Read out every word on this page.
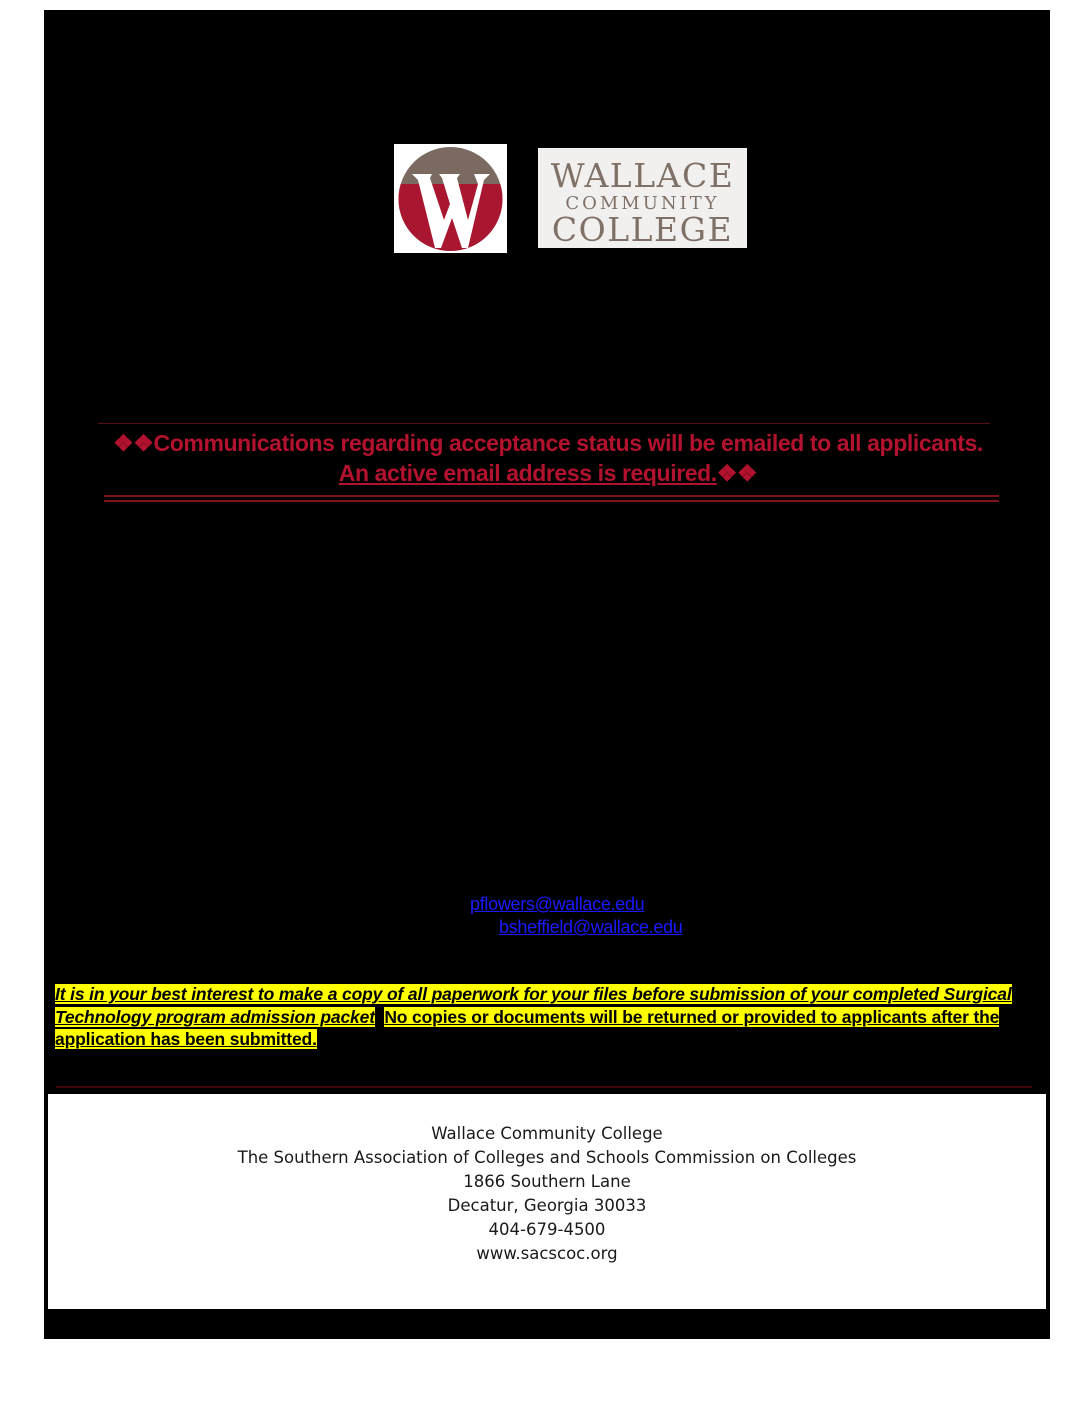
WALLACE
COMMUNITY
COLLEGE
❖❖Communications regarding acceptance status will be emailed to all applicants. An active email address is required.❖❖
pflowers@wallace.edu
bsheffield@wallace.edu
It is in your best interest to make a copy of all paperwork for your files before submission of your completed Surgical Technology program admission packet. No copies or documents will be returned or provided to applicants after the application has been submitted.
Wallace Community College
The Southern Association of Colleges and Schools Commission on Colleges
1866 Southern Lane
Decatur, Georgia 30033
404-679-4500
www.sacscoc.org
